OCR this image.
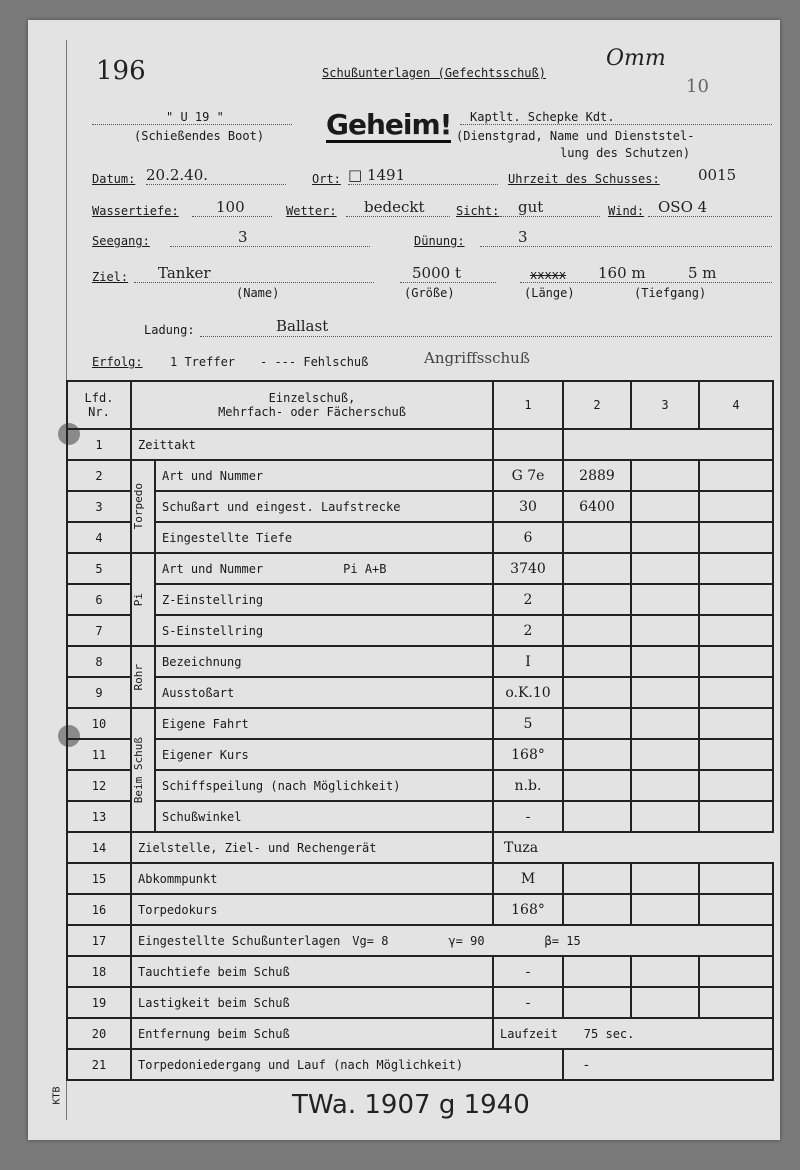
196	Schußunterlagen (Gefechtsschuß)
Omm
10
" U 19 "
(Schießendes Boot) Geheim! Kaptlt. Schepke Kdt.
(Dienstgrad, Name und Dienststel-
lung des Schutzen)
Datum: 20.2.40.	Ort: □ 1491	Uhrzeit des Schusses:	0015
Wassertiefe: 100	Wetter: bedeckt	Sicht: gut	Wind: OSO 4
Seegang:	3	Dünung:	3
Ziel: Tanker	5000 t	xxxxx 160 m	5 m
(Name)	(Größe)	(Länge)	(Tiefgang)
Ladung:	Ballast
Erfolg: 1 Treffer - --- Fehlschuß	Angriffsschuß
Lfd.
Nr.	Einzelschuß,
Mehrfach- oder Fächerschuß		1	2	3	4
1	Zeittakt					
2	Torpedo	Art und Nummer	G 7e	2889		
3		Schußart und eingest. Laufstrecke	30	6400		
4		Eingestellte Tiefe	6			
5	Pi	Art und Nummer Pi A+B	3740			
6		Z-Einstellring	2			
7		S-Einstellring	2			
8	Rohr	Bezeichnung	I			
9		Ausstoßart	o.K.10			
10	Beim Schuß	Eigene Fahrt	5			
11		Eigener Kurs	168°			
12		Schiffspeilung (nach Möglichkeit)	n.b.			
13		Schußwinkel	-			
14	Zielstelle, Ziel- und Rechengerät		Tuza			
15	Abkommpunkt		M			
16	Torpedokurs		168°			
17	Eingestellte Schußunterlagen Vg= 8 γ= 90 β= 15					
18	Tauchtiefe beim Schuß		-			
19	Lastigkeit beim Schuß		-			
20	Entfernung beim Schuß		Laufzeit 75 sec.			
21	Torpedoniedergang und Lauf (nach Möglichkeit)			-		
TWa. 1907 g 1940
KTB
